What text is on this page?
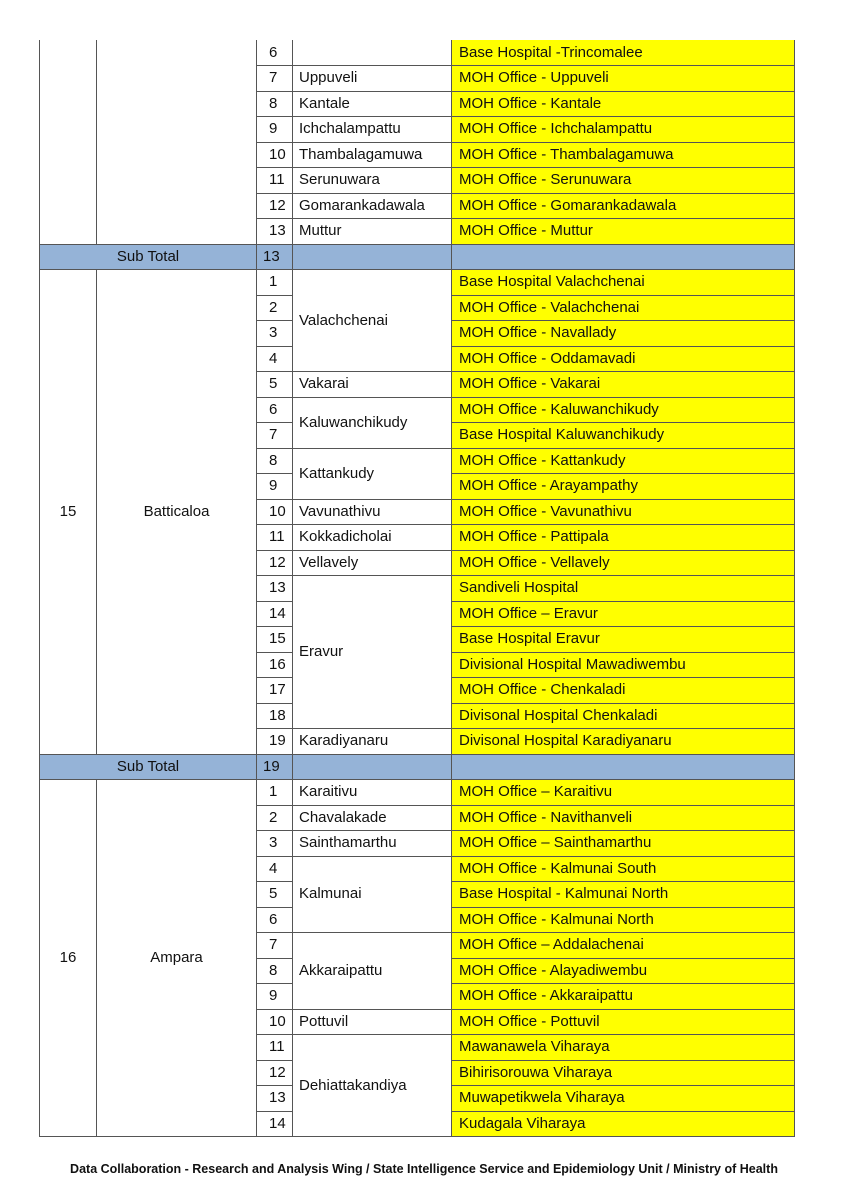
		6		Base Hospital -Trincomalee
		7	Uppuveli	MOH Office - Uppuveli
		8	Kantale	MOH Office - Kantale
		9	Ichchalampattu	MOH Office - Ichchalampattu
		10	Thambalagamuwa	MOH Office - Thambalagamuwa
		11	Serunuwara	MOH Office - Serunuwara
		12	Gomarankadawala	MOH Office - Gomarankadawala
		13	Muttur	MOH Office - Muttur
Sub Total		13		
15	Batticaloa	1	Valachchenai	Base Hospital Valachchenai
		2		MOH Office - Valachchenai
		3		MOH Office - Navallady
		4		MOH Office - Oddamavadi
		5	Vakarai	MOH Office - Vakarai
		6	Kaluwanchikudy	MOH Office - Kaluwanchikudy
		7		Base Hospital Kaluwanchikudy
		8	Kattankudy	MOH Office - Kattankudy
		9		MOH Office - Arayampathy
		10	Vavunathivu	MOH Office - Vavunathivu
		11	Kokkadicholai	MOH Office - Pattipala
		12	Vellavely	MOH Office - Vellavely
		13	Eravur	Sandiveli Hospital
		14		MOH Office – Eravur
		15		Base Hospital Eravur
		16		Divisional Hospital Mawadiwembu
		17		MOH Office - Chenkaladi
		18		Divisonal Hospital Chenkaladi
		19	Karadiyanaru	Divisonal Hospital Karadiyanaru
Sub Total		19		
16	Ampara	1	Karaitivu	MOH Office – Karaitivu
		2	Chavalakade	MOH Office - Navithanveli
		3	Sainthamarthu	MOH Office – Sainthamarthu
		4	Kalmunai	MOH Office - Kalmunai South
		5		Base Hospital - Kalmunai North
		6		MOH Office - Kalmunai North
		7	Akkaraipattu	MOH Office – Addalachenai
		8		MOH Office - Alayadiwembu
		9		MOH Office - Akkaraipattu
		10	Pottuvil	MOH Office - Pottuvil
		11	Dehiattakandiya	Mawanawela Viharaya
		12		Bihirisorouwa Viharaya
		13		Muwapetikwela Viharaya
		14		Kudagala Viharaya
Data Collaboration - Research and Analysis Wing / State Intelligence Service and Epidemiology Unit / Ministry of Health
